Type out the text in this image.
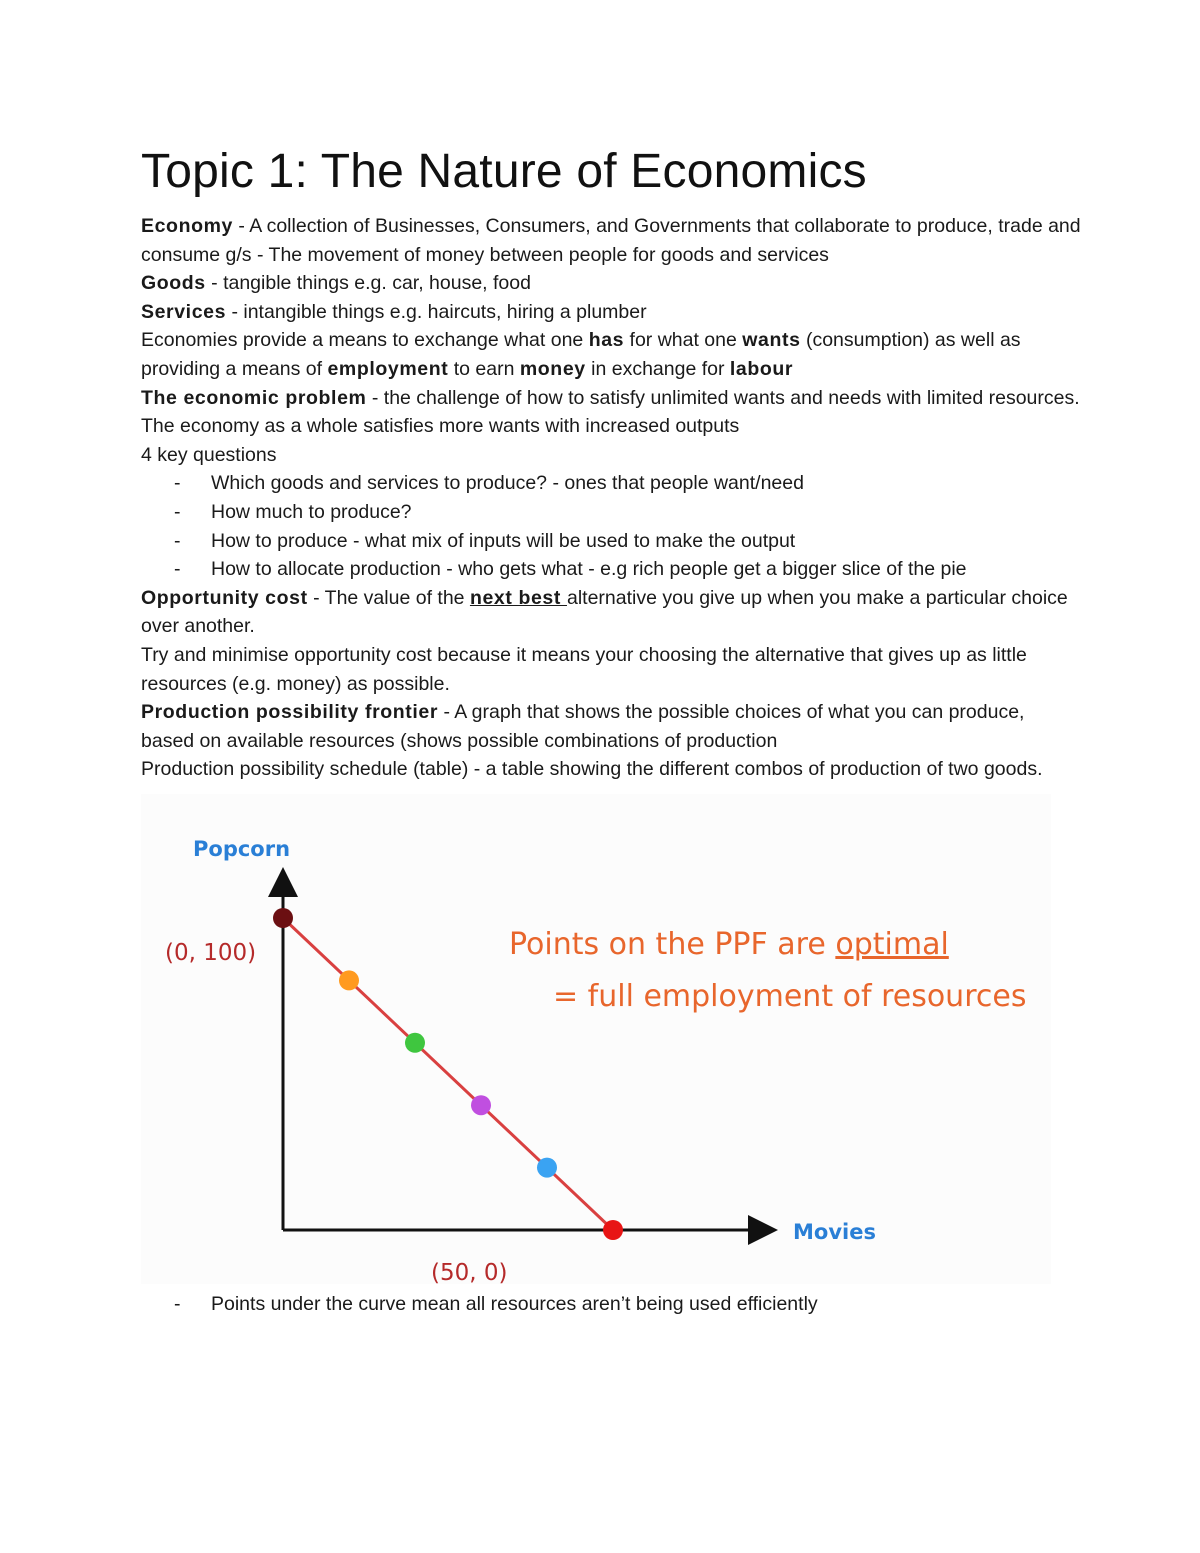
Topic 1: The Nature of Economics

Economy - A collection of Businesses, Consumers, and Governments that collaborate to produce, trade and consume g/s - The movement of money between people for goods and services

Goods - tangible things e.g. car, house, food

Services - intangible things e.g. haircuts, hiring a plumber

Economies provide a means to exchange what one has for what one wants (consumption) as well as providing a means of employment to earn money in exchange for labour

The economic problem - the challenge of how to satisfy unlimited wants and needs with limited resources.

The economy as a whole satisfies more wants with increased outputs

4 key questions

- Which goods and services to produce? - ones that people want/need
- How much to produce?
- How to produce - what mix of inputs will be used to make the output
- How to allocate production - who gets what - e.g rich people get a bigger slice of the pie

Opportunity cost - The value of the next best alternative you give up when you make a particular choice over another.

Try and minimise opportunity cost because it means your choosing the alternative that gives up as little resources (e.g. money) as possible.

Production possibility frontier - A graph that shows the possible choices of what you can produce, based on available resources (shows possible combinations of production

Production possibility schedule (table) - a table showing the different combos of production of two goods.

Popcorn
Movies
(0, 100)
(50, 0)
Points on the PPF are optimal
= full employment of resources
- Points under the curve mean all resources aren’t being used efficiently
